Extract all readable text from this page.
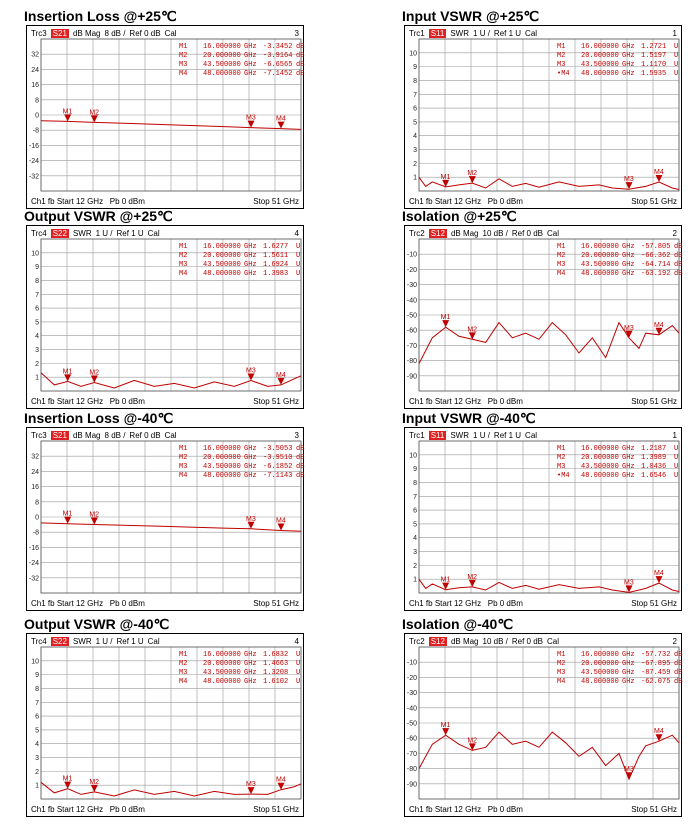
Insertion Loss @+25℃
Trc3 S21 dB Mag 8 dB / Ref 0 dB Cal	3
Ch1 fb Start 12 GHz Pb 0 dBm	Stop 51 GHz
32
24
16
8
0
-8
-16
-24
-32
M1 16.000000 GHz -3.3452 dB
M2 20.000000 GHz -3.9164 dB
M3 43.500000 GHz -6.6565 dB
M4 48.000000 GHz -7.1452 dB
M1 M2
M3	M4
Input VSWR @+25℃
Trc1 S11 SWR 1 U / Ref 1 U Cal	1
Ch1 fb Start 12 GHz Pb 0 dBm	Stop 51 GHz
10
9
8
7
6
5
4
3
2
1
M1 16.000000 GHz 1.2721 U
M2 20.000000 GHz 1.5197 U
M3 43.500000 GHz 1.1170 U
•M4 48.000000 GHz 1.5935 U
M1
M2
M3
M4
Output VSWR @+25℃
Trc4 S22 SWR 1 U / Ref 1 U Cal	4
Ch1 fb Start 12 GHz Pb 0 dBm	Stop 51 GHz
10
9
8
7
6
5
4
3
2
1
M1 16.000000 GHz 1.6277 U
M2 20.000000 GHz 1.5611 U
M3 43.500000 GHz 1.6924 U
M4 48.000000 GHz 1.3983 U
M1 M2	M3
M4
Isolation @+25℃
Trc2 S12 dB Mag 10 dB / Ref 0 dB Cal	2
Ch1 fb Start 12 GHz Pb 0 dBm	Stop 51 GHz
-10
-20
-30
-40
-50
-60
-70
-80
-90
M1 16.000000 GHz -57.805 dB
M2 20.000000 GHz -66.362 dB
M3 43.500000 GHz -64.714 dB
M4 48.000000 GHz -63.192 dB
M1
M2	M3	M4
Insertion Loss @-40℃
Trc3 S21 dB Mag 8 dB / Ref 0 dB Cal	3
Ch1 fb Start 12 GHz Pb 0 dBm	Stop 51 GHz
32
24
16
8
0
-8
-16
-24
-32
M1 16.000000 GHz -3.5053 dB
M2 20.000000 GHz -3.9510 dB
M3 43.500000 GHz -6.1852 dB
M4 48.000000 GHz -7.1143 dB
M1 M2
M3	M4
Input VSWR @-40℃
Trc1 S11 SWR 1 U / Ref 1 U Cal	1
Ch1 fb Start 12 GHz Pb 0 dBm	Stop 51 GHz
10
9
8
7
6
5
4
3
2
1
M1 16.000000 GHz 1.2187 U
M2 20.000000 GHz 1.3989 U
M3 43.500000 GHz 1.0436 U
•M4 48.000000 GHz 1.6546 U
M1 M2
M3
M4
Output VSWR @-40℃
Trc4 S22 SWR 1 U / Ref 1 U Cal	4
Ch1 fb Start 12 GHz Pb 0 dBm	Stop 51 GHz
10
9
8
7
6
5
4
3
2
1
M1 16.000000 GHz 1.6832 U
M2 20.000000 GHz 1.4663 U
M3 43.500000 GHz 1.3208 U
M4 48.000000 GHz 1.6102 U
M1 M2	M3
M4
Isolation @-40℃
Trc2 S12 dB Mag 10 dB / Ref 0 dB Cal	2
Ch1 fb Start 12 GHz Pb 0 dBm	Stop 51 GHz
-10
-20
-30
-40
-50
-60
-70
-80
-90
M1 16.000000 GHz -57.732 dB
M2 20.000000 GHz -67.895 dB
M3 43.500000 GHz -87.459 dB
M4 48.000000 GHz -62.075 dB
M1
M2
M3
M4
